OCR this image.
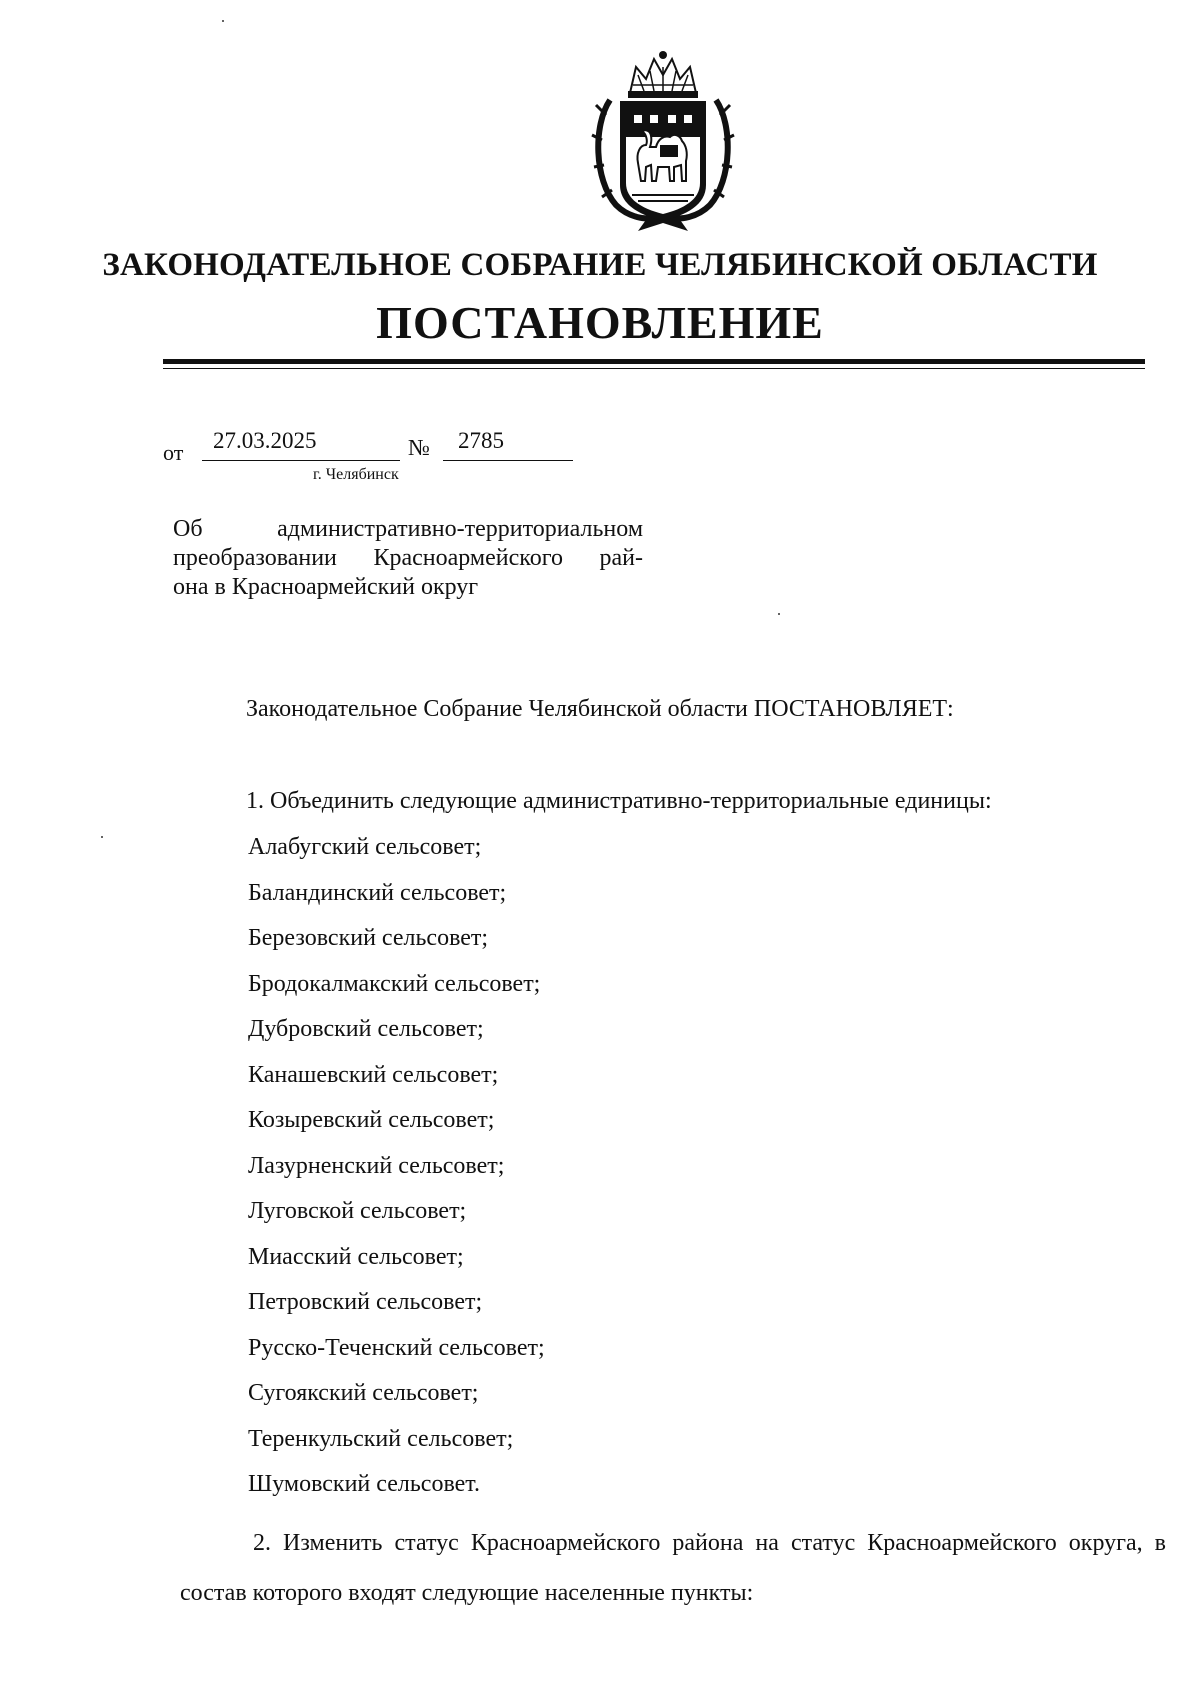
ЗАКОНОДАТЕЛЬНОЕ СОБРАНИЕ ЧЕЛЯБИНСКОЙ ОБЛАСТИ
ПОСТАНОВЛЕНИЕ
от 27.03.2025	№ 2785
г. Челябинск
Об	административно-территориальном
преобразовании Красноармейского рай-
она в Красноармейский округ
Законодательное Собрание Челябинской области ПОСТАНОВЛЯЕТ:
1. Объединить следующие административно-территориальные единицы:
Алабугский сельсовет;
Баландинский сельсовет;
Березовский сельсовет;
Бродокалмакский сельсовет;
Дубровский сельсовет;
Канашевский сельсовет;
Козыревский сельсовет;
Лазурненский сельсовет;
Луговской сельсовет;
Миасский сельсовет;
Петровский сельсовет;
Русско-Теченский сельсовет;
Сугоякский сельсовет;
Теренкульский сельсовет;
Шумовский сельсовет.
2. Изменить статус Красноармейского района на статус Красноармейского округа, в состав которого входят следующие населенные пункты:
